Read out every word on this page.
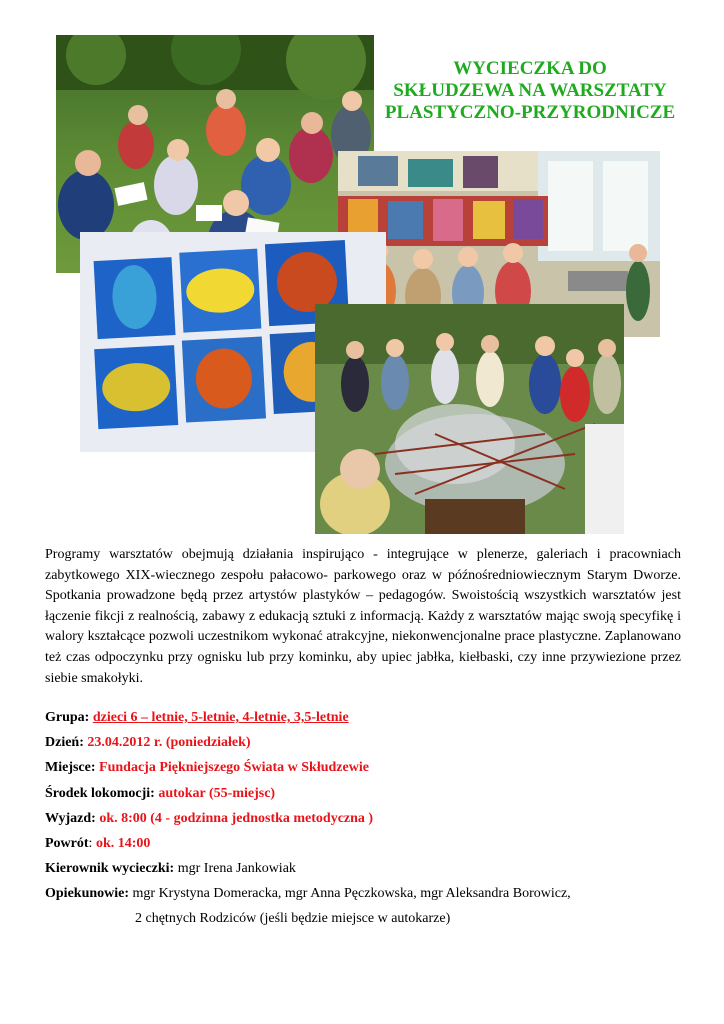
WYCIECZKA DO
SKŁUDZEWA NA WARSZTATY
PLASTYCZNO-PRZYRODNICZE
Programy warsztatów obejmują działania inspirująco - integrujące w plenerze, galeriach i pracowniach zabytkowego XIX-wiecznego zespołu pałacowo- parkowego oraz w późnośredniowiecznym Starym Dworze. Spotkania prowadzone będą przez artystów plastyków – pedagogów. Swoistością wszystkich warsztatów jest łączenie fikcji z realnością, zabawy z edukacją sztuki z informacją. Każdy z warsztatów mając swoją specyfikę i walory kształcące pozwoli uczestnikom wykonać atrakcyjne, niekonwencjonalne prace plastyczne. Zaplanowano też czas odpoczynku przy ognisku lub przy kominku, aby upiec jabłka, kiełbaski, czy inne przywiezione przez siebie smakołyki.
Grupa: dzieci 6 – letnie, 5-letnie, 4-letnie, 3,5-letnie
Dzień: 23.04.2012 r. (poniedziałek)
Miejsce: Fundacja Piękniejszego Świata w Skłudzewie
Środek lokomocji: autokar (55-miejsc)
Wyjazd: ok. 8:00 (4 - godzinna jednostka metodyczna )
Powrót: ok. 14:00
Kierownik wycieczki: mgr Irena Jankowiak
Opiekunowie: mgr Krystyna Domeracka, mgr Anna Pęczkowska, mgr Aleksandra Borowicz,
2 chętnych Rodziców (jeśli będzie miejsce w autokarze)
